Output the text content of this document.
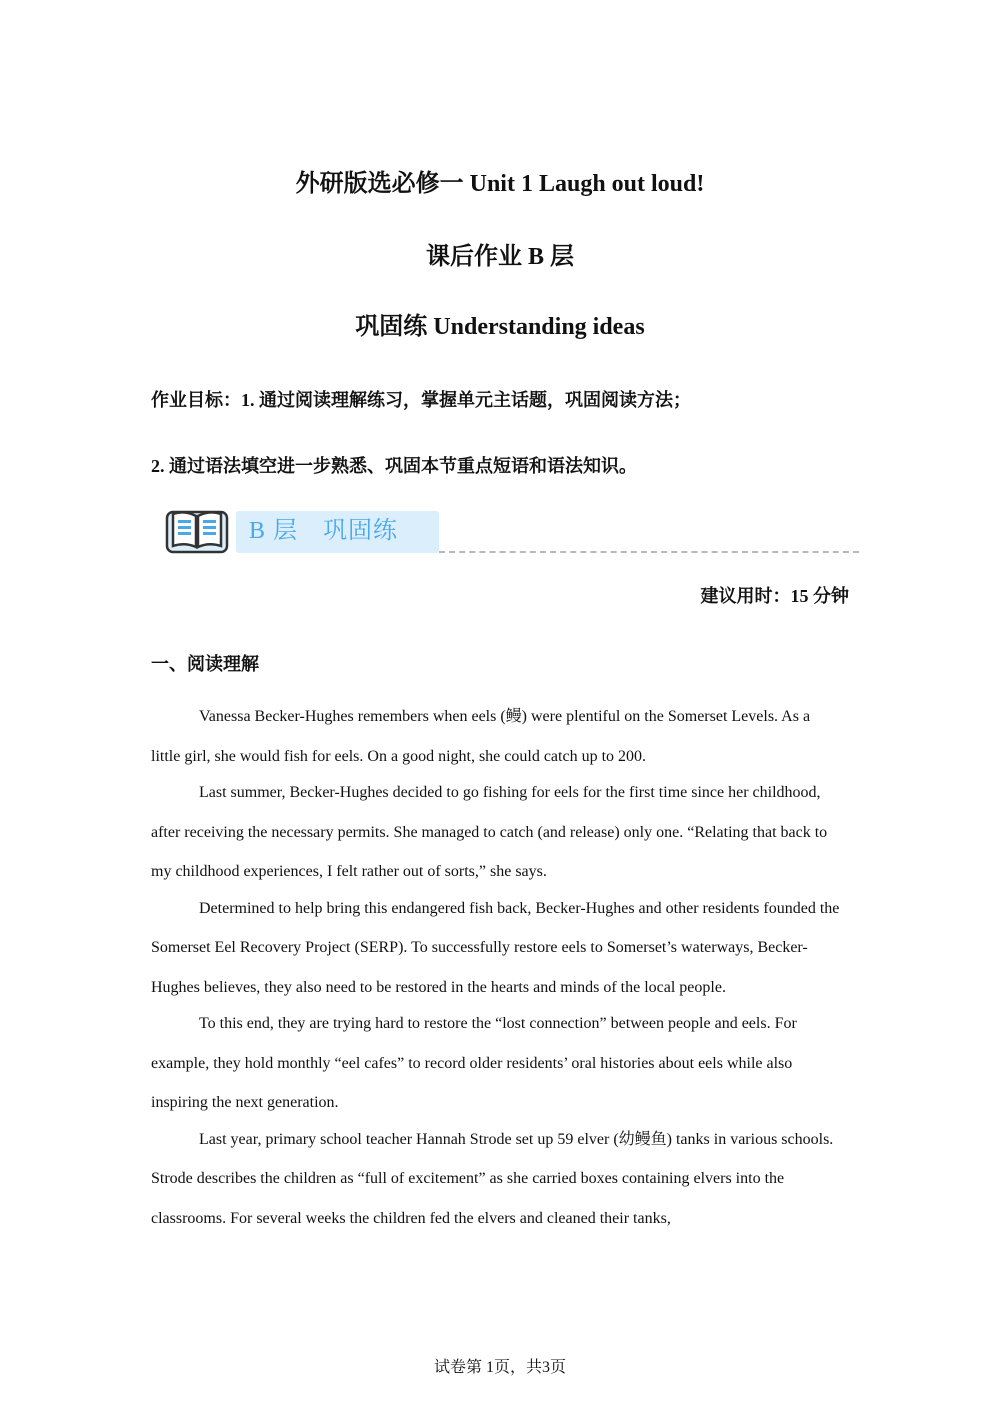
外研版选必修一 Unit 1 Laugh out loud!
课后作业 B 层
巩固练 Understanding ideas
作业目标：1. 通过阅读理解练习，掌握单元主话题，巩固阅读方法；
2. 通过语法填空进一步熟悉、巩固本节重点短语和语法知识。
B 层　巩固练
建议用时：15 分钟
一、阅读理解

Vanessa Becker-Hughes remembers when eels (鳗) were plentiful on the Somerset Levels. As a little girl, she would fish for eels. On a good night, she could catch up to 200.

Last summer, Becker-Hughes decided to go fishing for eels for the first time since her childhood, after receiving the necessary permits. She managed to catch (and release) only one. “Relating that back to my childhood experiences, I felt rather out of sorts,” she says.

Determined to help bring this endangered fish back, Becker-Hughes and other residents founded the Somerset Eel Recovery Project (SERP). To successfully restore eels to Somerset’s waterways, Becker-Hughes believes, they also need to be restored in the hearts and minds of the local people.

To this end, they are trying hard to restore the “lost connection” between people and eels. For example, they hold monthly “eel cafes” to record older residents’ oral histories about eels while also inspiring the next generation.

Last year, primary school teacher Hannah Strode set up 59 elver (幼鳗鱼) tanks in various schools. Strode describes the children as “full of excitement” as she carried boxes containing elvers into the classrooms. For several weeks the children fed the elvers and cleaned their tanks,

试卷第 1页，共3页
